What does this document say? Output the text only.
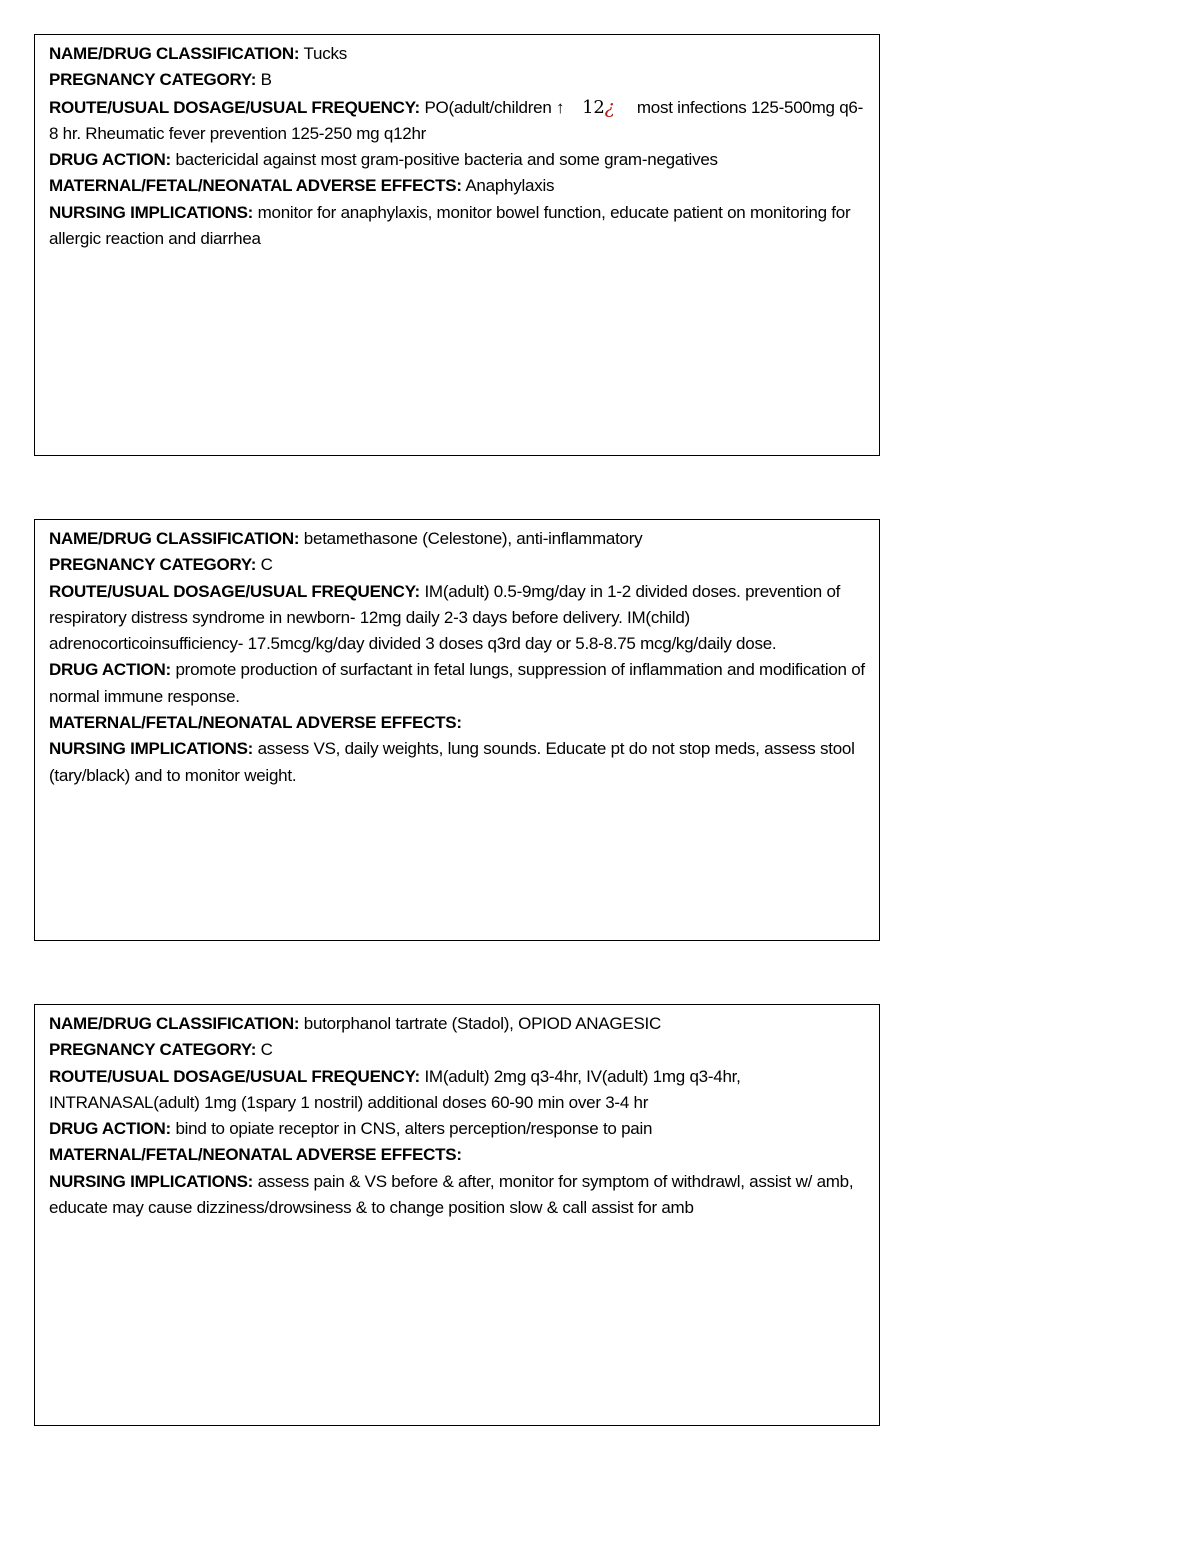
NAME/DRUG CLASSIFICATION: Tucks

PREGNANCY CATEGORY: B

ROUTE/USUAL DOSAGE/USUAL FREQUENCY: PO(adult/children ↑    12¿ most infections 125-500mg q6-8 hr. Rheumatic fever prevention 125-250 mg q12hr

DRUG ACTION: bactericidal against most gram-positive bacteria and some gram-negatives

MATERNAL/FETAL/NEONATAL ADVERSE EFFECTS: Anaphylaxis

NURSING IMPLICATIONS: monitor for anaphylaxis, monitor bowel function, educate patient on monitoring for allergic reaction and diarrhea

NAME/DRUG CLASSIFICATION: betamethasone (Celestone), anti-inflammatory

PREGNANCY CATEGORY: C

ROUTE/USUAL DOSAGE/USUAL FREQUENCY: IM(adult) 0.5-9mg/day in 1-2 divided doses. prevention of respiratory distress syndrome in newborn- 12mg daily 2-3 days before delivery. IM(child) adrenocorticoinsufficiency- 17.5mcg/kg/day divided 3 doses q3rd day or 5.8-8.75 mcg/kg/daily dose.

DRUG ACTION: promote production of surfactant in fetal lungs, suppression of inflammation and modification of normal immune response.

MATERNAL/FETAL/NEONATAL ADVERSE EFFECTS:

NURSING IMPLICATIONS: assess VS, daily weights, lung sounds. Educate pt do not stop meds, assess stool (tary/black) and to monitor weight.

NAME/DRUG CLASSIFICATION: butorphanol tartrate (Stadol), OPIOD ANAGESIC

PREGNANCY CATEGORY: C

ROUTE/USUAL DOSAGE/USUAL FREQUENCY: IM(adult) 2mg q3-4hr, IV(adult) 1mg q3-4hr, INTRANASAL(adult) 1mg (1spary 1 nostril) additional doses 60-90 min over 3-4 hr

DRUG ACTION: bind to opiate receptor in CNS, alters perception/response to pain

MATERNAL/FETAL/NEONATAL ADVERSE EFFECTS:

NURSING IMPLICATIONS: assess pain & VS before & after, monitor for symptom of withdrawl, assist w/ amb, educate may cause dizziness/drowsiness & to change position slow & call assist for amb
